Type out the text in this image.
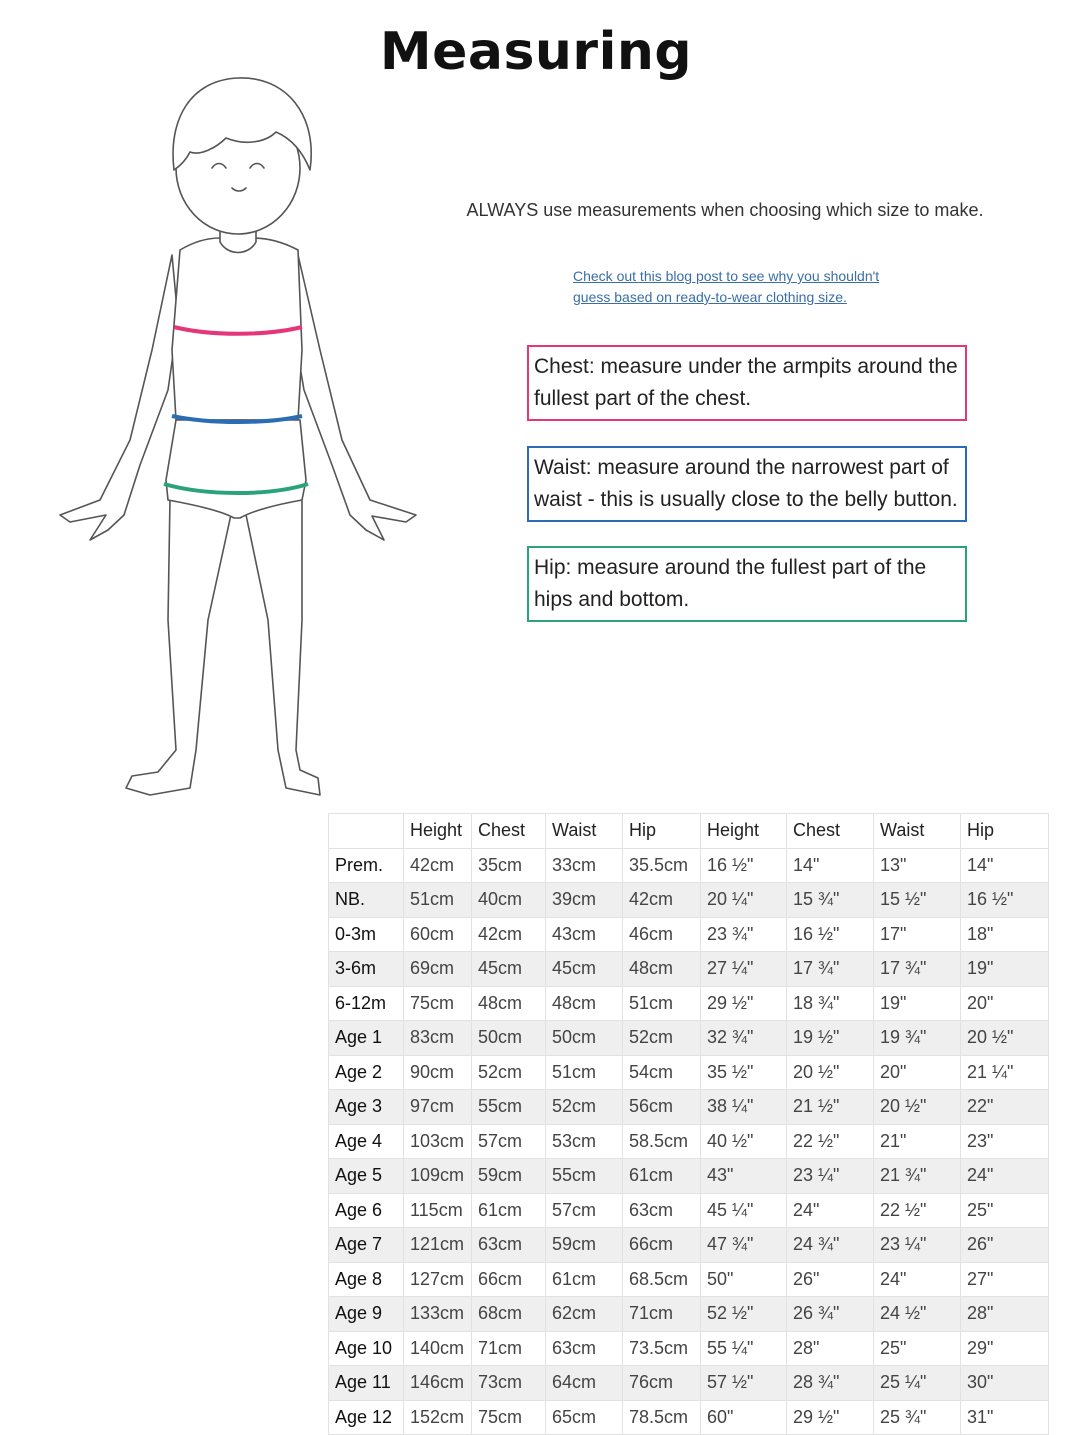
Measuring
ALWAYS use measurements when choosing which size to make.
Check out this blog post to see why you shouldn't
guess based on ready-to-wear clothing size.
Chest: measure under the armpits around the fullest part of the chest.
Waist: measure around the narrowest part of waist - this is usually close to the belly button.
Hip: measure around the fullest part of the hips and bottom.
	Height	Chest	Waist	Hip	Height	Chest	Waist	Hip
Prem.	42cm	35cm	33cm	35.5cm	16 ½"	14"	13"	14"
NB.	51cm	40cm	39cm	42cm	20 ¼"	15 ¾"	15 ½"	16 ½"
0-3m	60cm	42cm	43cm	46cm	23 ¾"	16 ½"	17"	18"
3-6m	69cm	45cm	45cm	48cm	27 ¼"	17 ¾"	17 ¾"	19"
6-12m	75cm	48cm	48cm	51cm	29 ½"	18 ¾"	19"	20"
Age 1	83cm	50cm	50cm	52cm	32 ¾"	19 ½"	19 ¾"	20 ½"
Age 2	90cm	52cm	51cm	54cm	35 ½"	20 ½"	20"	21 ¼"
Age 3	97cm	55cm	52cm	56cm	38 ¼"	21 ½"	20 ½"	22"
Age 4	103cm	57cm	53cm	58.5cm	40 ½"	22 ½"	21"	23"
Age 5	109cm	59cm	55cm	61cm	43"	23 ¼"	21 ¾"	24"
Age 6	115cm	61cm	57cm	63cm	45 ¼"	24"	22 ½"	25"
Age 7	121cm	63cm	59cm	66cm	47 ¾"	24 ¾"	23 ¼"	26"
Age 8	127cm	66cm	61cm	68.5cm	50"	26"	24"	27"
Age 9	133cm	68cm	62cm	71cm	52 ½"	26 ¾"	24 ½"	28"
Age 10	140cm	71cm	63cm	73.5cm	55 ¼"	28"	25"	29"
Age 11	146cm	73cm	64cm	76cm	57 ½"	28 ¾"	25 ¼"	30"
Age 12	152cm	75cm	65cm	78.5cm	60"	29 ½"	25 ¾"	31"
